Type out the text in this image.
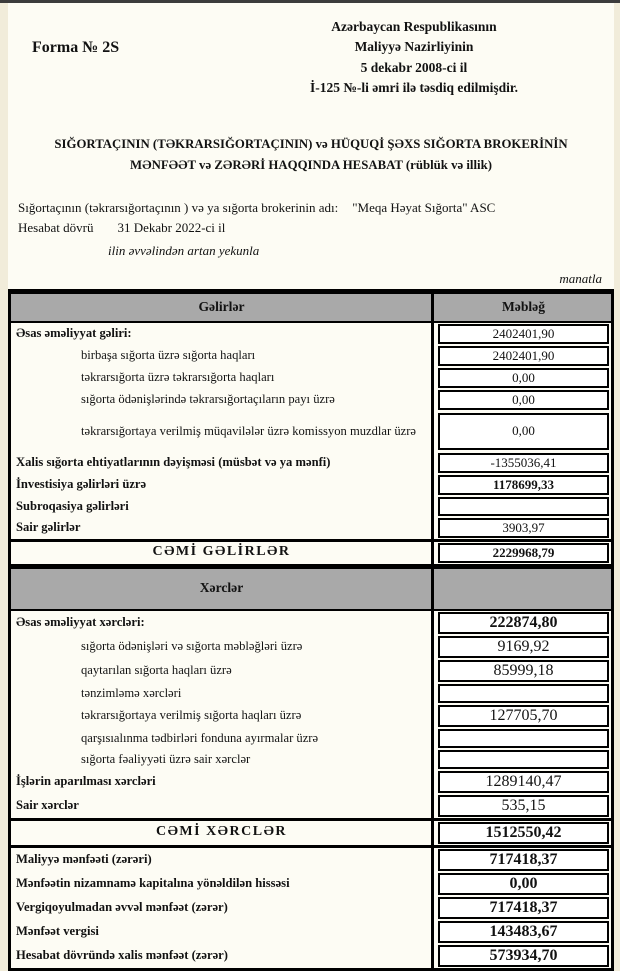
Forma № 2S
Azərbaycan Respublikasının
Maliyyə Nazirliyinin
5 dekabr 2008-ci il
İ-125 №-li əmri ilə təsdiq edilmişdir.
SIĞORTAÇININ (TƏKRARSIĞORTAÇININ) və HÜQUQİ ŞƏXS SIĞORTA BROKERİNİN
MƏNFƏƏT və ZƏRƏRİ HAQQINDA HESABAT (rüblük və illik)
Sığortaçının (təkrarsığortaçının ) və ya sığorta brokerinin adı: "Meqa Həyat Sığorta" ASC
Hesabat dövrü 31 Dekabr 2022-ci il
ilin əvvəlindən artan yekunla
manatla
Gəlirlər	Məbləğ
Əsas əməliyyat gəliri:	2402401,90
birbaşa sığorta üzrə sığorta haqları	2402401,90
təkrarsığorta üzrə təkrarsığorta haqları	0,00
sığorta ödənişlərində təkrarsığortaçıların payı üzrə	0,00
təkrarsığortaya verilmiş müqavilələr üzrə komissyon muzdlar üzrə	0,00
Xalis sığorta ehtiyatlarının dəyişməsi (müsbət və ya mənfi)	-1355036,41
İnvestisiya gəlirləri üzrə	1178699,33
Subroqasiya gəlirləri
Sair gəlirlər	3903,97
CƏMİ GƏLİRLƏR	2229968,79
Xərclər
Əsas əməliyyat xərcləri:	222874,80
sığorta ödənişləri və sığorta məbləğləri üzrə	9169,92
qaytarılan sığorta haqları üzrə	85999,18
tənzimləmə xərcləri
təkrarsığortaya verilmiş sığorta haqları üzrə	127705,70
qarşısıalınma tədbirləri fonduna ayırmalar üzrə
sığorta fəaliyyəti üzrə sair xərclər
İşlərin aparılması xərcləri	1289140,47
Sair xərclər	535,15
CƏMİ XƏRCLƏR	1512550,42
Maliyyə mənfəəti (zərəri)	717418,37
Mənfəətin nizamnamə kapitalına yönəldilən hissəsi	0,00
Vergiqoyulmadan əvvəl mənfəət (zərər)	717418,37
Mənfəət vergisi	143483,67
Hesabat dövründə xalis mənfəət (zərər)	573934,70
